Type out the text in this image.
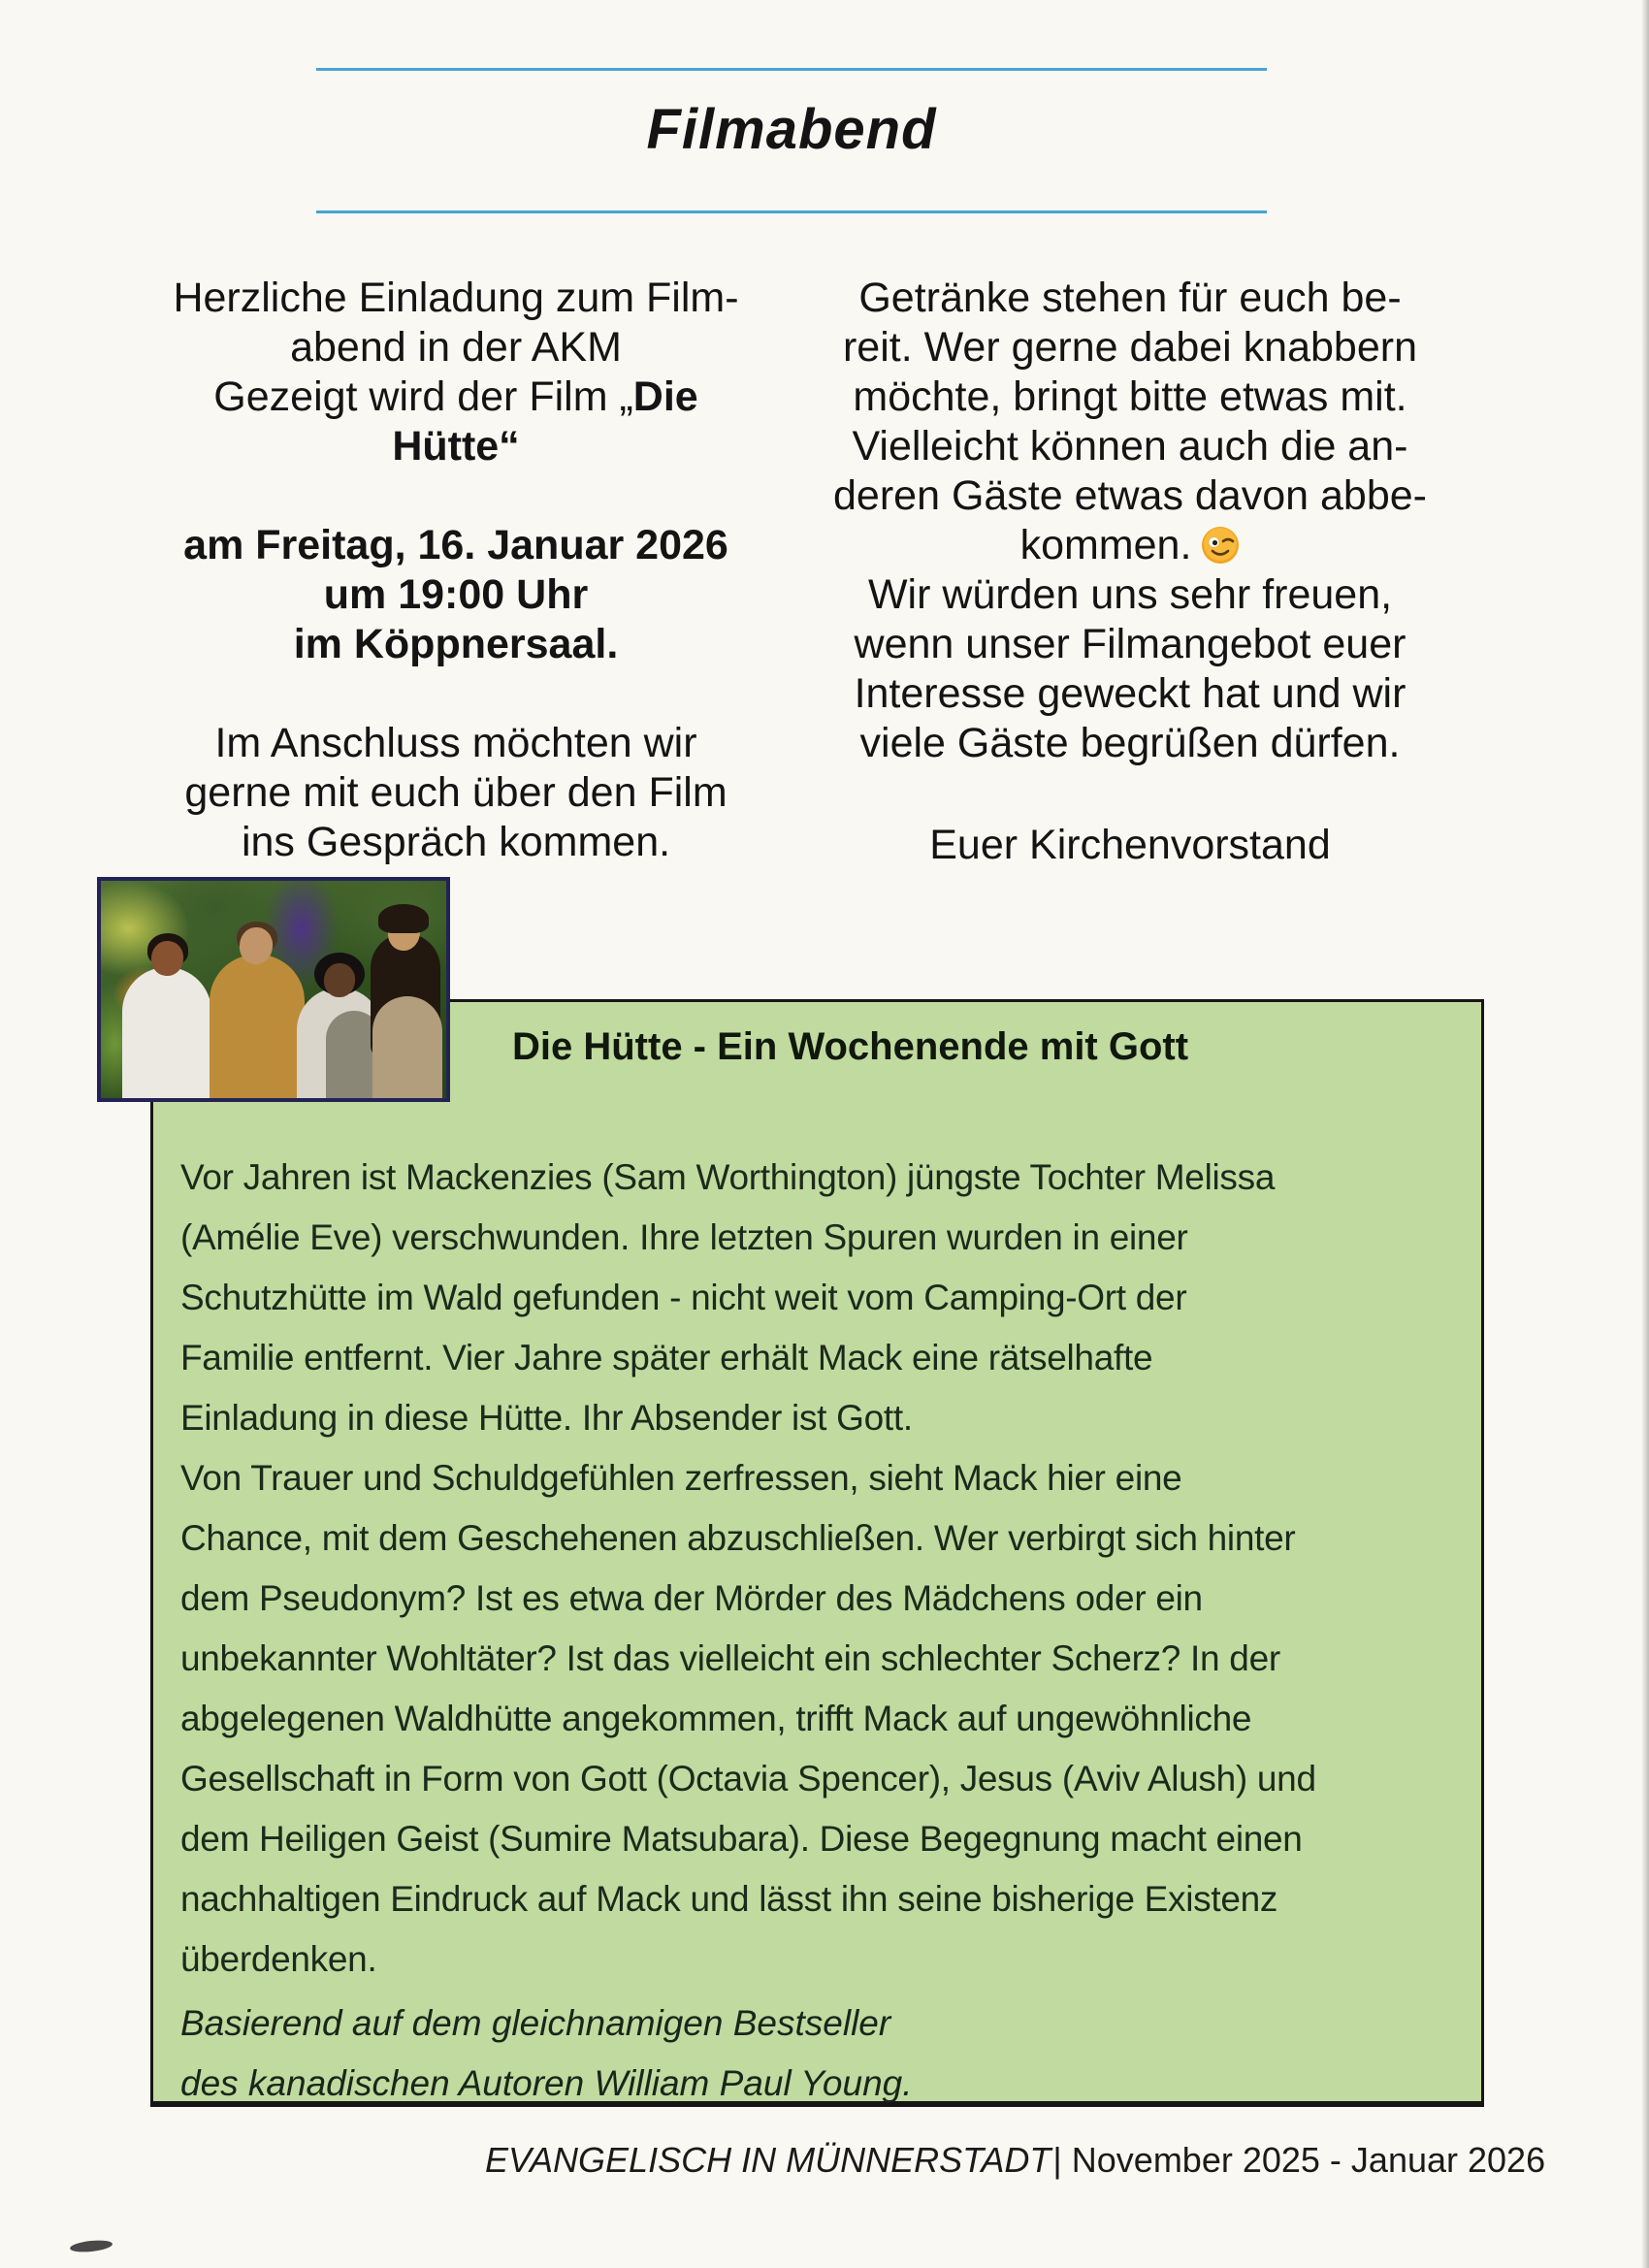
Filmabend
Herzliche Einladung zum Film-
abend in der AKM
Gezeigt wird der Film „Die
Hütte“
am Freitag, 16. Januar 2026
um 19:00 Uhr
im Köppnersaal.
Im Anschluss möchten wir
gerne mit euch über den Film
ins Gespräch kommen.
Getränke stehen für euch be-
reit. Wer gerne dabei knabbern
möchte, bringt bitte etwas mit.
Vielleicht können auch die an-
deren Gäste etwas davon abbe-
kommen.
Wir würden uns sehr freuen,
wenn unser Filmangebot euer
Interesse geweckt hat und wir
viele Gäste begrüßen dürfen.
Euer Kirchenvorstand
Die Hütte - Ein Wochenende mit Gott
Vor Jahren ist Mackenzies (Sam Worthington) jüngste Tochter Melissa
(Amélie Eve) verschwunden. Ihre letzten Spuren wurden in einer
Schutzhütte im Wald gefunden - nicht weit vom Camping-Ort der
Familie entfernt. Vier Jahre später erhält Mack eine rätselhafte
Einladung in diese Hütte. Ihr Absender ist Gott.
Von Trauer und Schuldgefühlen zerfressen, sieht Mack hier eine
Chance, mit dem Geschehenen abzuschließen. Wer verbirgt sich hinter
dem Pseudonym? Ist es etwa der Mörder des Mädchens oder ein
unbekannter Wohltäter? Ist das vielleicht ein schlechter Scherz? In der
abgelegenen Waldhütte angekommen, trifft Mack auf ungewöhnliche
Gesellschaft in Form von Gott (Octavia Spencer), Jesus (Aviv Alush) und
dem Heiligen Geist (Sumire Matsubara). Diese Begegnung macht einen
nachhaltigen Eindruck auf Mack und lässt ihn seine bisherige Existenz
überdenken.
Basierend auf dem gleichnamigen Bestseller
des kanadischen Autoren William Paul Young.
EVANGELISCH IN MÜNNERSTADT| November 2025 - Januar 2026
